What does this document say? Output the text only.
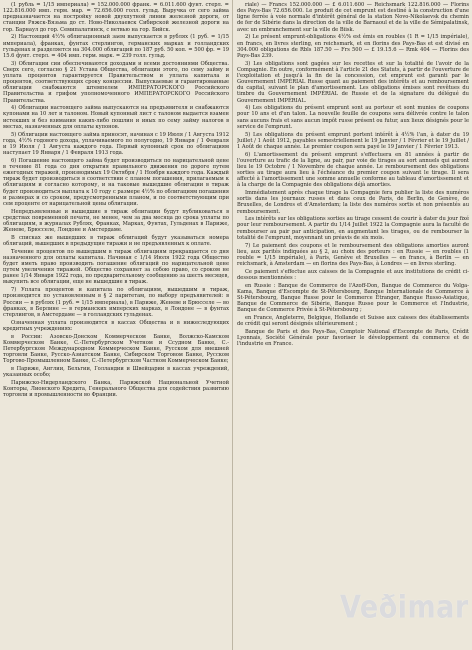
(1 рубль = 1/15 империала) = 152.000.000 франк. = 6.011.600 фунт. стерл. = 122.816.000 имп. герм. мар. = 72.656.000 голл. гульд. Выручка от сего займа предназначается на постройку новой двухпутной линии железной дороги, от станции Ряжск-Вязьма до ст. Ново-Николаевск Сибирской железной дороги на гор. Барнаул до гор. Семипалатинск, с ветвью на гор. Бийск.

2) Настоящий 4½% облигационный заем выпускается в рублях (1 руб. = 1/15 империала), франках, фунтах стерлингов, германских марках и голландских гульденах и разделяется на 304.000 облигаций по 187 руб. 50 коп. = 500 фр. = 19 15.6 фунт. стерл. = 404 имп. герм. марк. = 239 голл. гульд.

3) Облигации сии обеспечиваются доходами и всеми достояниями Общества. Сверх сего, согласно § 21 Устава Общества, облигации этого, по сему займу и уплата процентов гарантируется Правительством и уплата капитала и процентов, соответствующих сроку концессии. Выпускаемые и гарантированные облигации снабжаются штемпелем ИМПЕРАТОРСКОГО Российского Правительства и грифом уполномоченного ИМПЕРАТОРСКОГО Российского Правительства.

4) Облигации настоящего займа выпускаются на предъявителя и снабжаются купонами на 10 лет и талоном. Новый купонный лист с талоном выдается взамен истекших и без взимания каких-либо пошлин и иных по сему займу налогов в местах, назначенных для оплаты купонов.

5) Облигации настоящего займа приносят, начиная с 19 Июля / 1 Августа 1912 года, 4½% годового дохода, уплачиваемого по полугодно, 19 Января / 1 Февраля и 19 Июля / 1 Августа каждого года. Первый купонный срок по облигациям наступает 19 Января / 1 Февраля 1913 года.

6) Погашение настоящего займа будет производиться по нарицательной цене в течение 81 года со дня открытия правильного движения по дороге путем ежегодных тиражей, производимых 19 Октября / 1 Ноября каждого года. Каждый тираж будет производиться в соответствии с планом погашения, прилагаемым к облигациям и согласно которому, и на таковые вышедшие облигации в тираж будет производиться выплата к 10 году с размере 4½% по облигациям погашения и размерах и со сроком, предусмотренными планом, и по соответствующим при сем проценте от нарицательной цены облигации.

Непредъявленные и вышедшие в тираж облигации будут публиковаться в средствах повременной печати, не менее, чем за два месяца до срока уплаты по облигациям, в журналах Рублях, Франках, Марках, Фунтах, Гульденах в Париже, Женеве, Брюсселе, Лондоне и Амстердаме.

В списках же вышедших в тираж облигаций будут указываться номера облигаций, вышедших в предыдущие тиражи и не предъявленных к оплате.

Течение процентов по вышедшим в тираж облигациям прекращается со дня назначенного для оплаты капитала. Начиная с 1/14 Июля 1922 года Общество будет иметь право производить погашение облигаций по нарицательной цене путем увеличения тиражей. Общество сохраняет за собою право, со сроком не ранее 1/14 Января 1922 года, по предварительному сообщению за шесть месяцев, выкупить все облигации, еще не вышедшие в тираж.

7) Уплата процентов и капитала по облигациям, вышедшим в тираж, производится по установленным в § 2 паритетам, по выбору предъявителей: в России — в рублях (1 руб. = 1/15 империала), в Париже, Женеве и Брюсселе — во франках, в Берлине — в германских имперских марках, в Лондоне — в фунтах стерлингов, в Амстердаме — в голландских гульденах.

Означенная уплата производится в кассах Общества и в нижеследующих кредитных учреждениях:

в России: Азовско-Донском Коммерческом Банке, Волжско-Камском Коммерческом Банке, С.-Петербургском Учетном и Ссудном Банке, С.-Петербургском Международном Коммерческом Банке, Русском для внешней торговли Банке, Русско-Азиатском Банке, Сибирском Торговом Банке, Русском Торгово-Промышленном Банке, С.-Петербургском Частном Коммерческом Банке;

в Париже, Англии, Бельгии, Голландии и Швейцарии в кассах учреждений, указанных особо;

Парижско-Нидерландского Банка, Парижской Национальной Учетной Конторы, Лионского Кредита, Генерального Общества для содействия развитию торговли и промышленности во Франции.

riale) — Francs 152.000.000 — £ 6.011.600 — Reichsmark 122.816.000 — Florins des Pays-Bas 72.656.000. Le produit de cet emprunt est destiné à la construction d'une ligne ferrée à voie normale d'intérêt général de la station Novo-Nikolaevsk du chemin de fer de Sibérie dans la direction de la ville de Barnaoul et de la ville de Sémipalatinsk, avec un embranchement sur la ville de Biisk.

2) Le présent emprunt-obligations 4½% est émis en roubles (1 R = 1/15 impériale), en francs, en livres sterling, en reichsmark, et en florins des Pays-Bas et est divisé en 304.000 obligations de Rbls 187.50 — Frs 500 — £ 19.15.6 — Rmk 404 — Florins des Pays-Bas 239.

3) Les obligations sont gagées sur les recettes et sur la totalité de l'avoir de la Compagnie. En outre, conformément à l'article 21 des Statuts, à partir de l'ouverture de l'exploitation et jusqu'à la fin de la concession, cet emprunt est garanti par le Gouvernement IMPÉRIAL Russe quant au paiement des intérêts et au remboursement du capital, suivant le plan d'amortissement. Les obligations émises sont revêtues du timbre du Gouvernement IMPÉRIAL de Russie et de la signature du délégué du Gouvernement IMPÉRIAL.

4) Les obligations du présent emprunt sont au porteur et sont munies de coupons pour 10 ans et d'un talon. La nouvelle feuille de coupons sera délivrée contre le talon sans aucuns frais et sans aucun impôt russe présent ou futur, aux lieux désignés pour le service de l'emprunt.

5) Les obligations du présent emprunt portent intérêt à 4½% l'an, à dater du 19 Juillet / 1 Août 1912, payables semestriellement le 19 Janvier / 1 Février et le 19 Juillet / 1 Août de chaque année. Le premier coupon sera payé le 19 Janvier / 1 Février 1913.

6) L'amortissement du présent emprunt s'effectuera en 81 années à partir de l'ouverture au trafic de la ligne, au pair, par voie de tirages au sort annuels qui auront lieu le 19 Octobre / 1 Novembre de chaque année. Le remboursement des obligations sorties au tirage aura lieu à l'échéance du premier coupon suivant le tirage. Il sera affecté à l'amortissement une somme annuelle conforme au tableau d'amortissement et à la charge de la Compagnie des obligations déjà amorties.

Immédiatement après chaque tirage la Compagnie fera publier la liste des numéros sortis dans les journaux russes et dans ceux de Paris, de Berlin, de Genève, de Bruxelles, de Londres et d'Amsterdam; la liste des numéros sortis et non présentés au remboursement.

Les intérêts sur les obligations sorties au tirage cessent de courir à dater du jour fixé pour leur remboursement. A partir du 1/14 Juillet 1922 la Compagnie aura la faculté de rembourser au pair par anticipation, en augmentant les tirages, ou de rembourser la totalité de l'emprunt, moyennant un préavis de six mois.

7) Le paiement des coupons et le remboursement des obligations amorties auront lieu, aux parités indiquées au § 2, au choix des porteurs : en Russie — en roubles (1 rouble = 1/15 impériale), à Paris, Genève et Bruxelles — en francs, à Berlin — en reichsmark, à Amsterdam — en florins des Pays-Bas, à Londres — en livres sterling.

Ce paiement s'effectue aux caisses de la Compagnie et aux institutions de crédit ci-dessous mentionnées :

en Russie : Banque de Commerce de l'Azoff-Don, Banque de Commerce du Volga-Kama, Banque d'Escompte de St-Pétersbourg, Banque Internationale de Commerce à St-Pétersbourg, Banque Russe pour le Commerce Étranger, Banque Russo-Asiatique, Banque de Commerce de Sibérie, Banque Russe pour le Commerce et l'Industrie, Banque de Commerce Privée à St-Pétersbourg ;

en France, Angleterre, Belgique, Hollande et Suisse aux caisses des établissements de crédit qui seront désignés ultérieurement ;

Banque de Paris et des Pays-Bas, Comptoir National d'Escompte de Paris, Crédit Lyonnais, Société Générale pour favoriser le développement du commerce et de l'industrie en France.

Veðimar
